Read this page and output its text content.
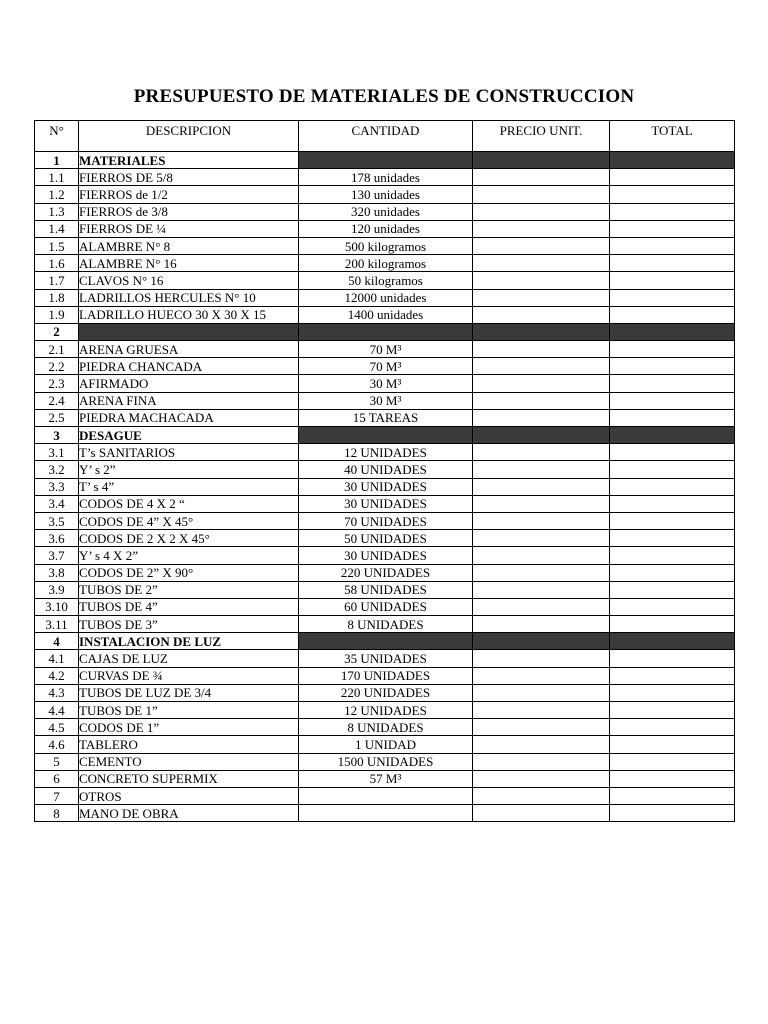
PRESUPUESTO DE MATERIALES DE CONSTRUCCION
N°	DESCRIPCION	CANTIDAD	PRECIO UNIT.	TOTAL
1	MATERIALES			
1.1	FIERROS DE 5/8	178 unidades		
1.2	FIERROS de 1/2	130 unidades		
1.3	FIERROS de 3/8	320 unidades		
1.4	FIERROS DE ¼	120 unidades		
1.5	ALAMBRE N° 8	500 kilogramos		
1.6	ALAMBRE N° 16	200 kilogramos		
1.7	CLAVOS N° 16	50 kilogramos		
1.8	LADRILLOS HERCULES N° 10	12000 unidades		
1.9	LADRILLO HUECO 30 X 30 X 15	1400 unidades		
2				
2.1	ARENA GRUESA	70 M³		
2.2	PIEDRA CHANCADA	70 M³		
2.3	AFIRMADO	30 M³		
2.4	ARENA FINA	30 M³		
2.5	PIEDRA MACHACADA	15 TAREAS		
3	DESAGUE			
3.1	T’s SANITARIOS	12 UNIDADES		
3.2	Y’ s 2”	40 UNIDADES		
3.3	T’ s 4”	30 UNIDADES		
3.4	CODOS DE 4 X 2 “	30 UNIDADES		
3.5	CODOS DE 4” X 45°	70 UNIDADES		
3.6	CODOS DE 2 X 2 X 45°	50 UNIDADES		
3.7	Y’ s 4 X 2”	30 UNIDADES		
3.8	CODOS DE 2” X 90°	220 UNIDADES		
3.9	TUBOS DE 2”	58 UNIDADES		
3.10	TUBOS DE 4”	60 UNIDADES		
3.11	TUBOS DE 3”	8 UNIDADES		
4	INSTALACION DE LUZ			
4.1	CAJAS DE LUZ	35 UNIDADES		
4.2	CURVAS DE ¾	170 UNIDADES		
4.3	TUBOS DE LUZ DE 3/4	220 UNIDADES		
4.4	TUBOS DE 1”	12 UNIDADES		
4.5	CODOS DE 1”	8 UNIDADES		
4.6	TABLERO	1 UNIDAD		
5	CEMENTO	1500 UNIDADES		
6	CONCRETO SUPERMIX	57 M³		
7	OTROS			
8	MANO DE OBRA			
